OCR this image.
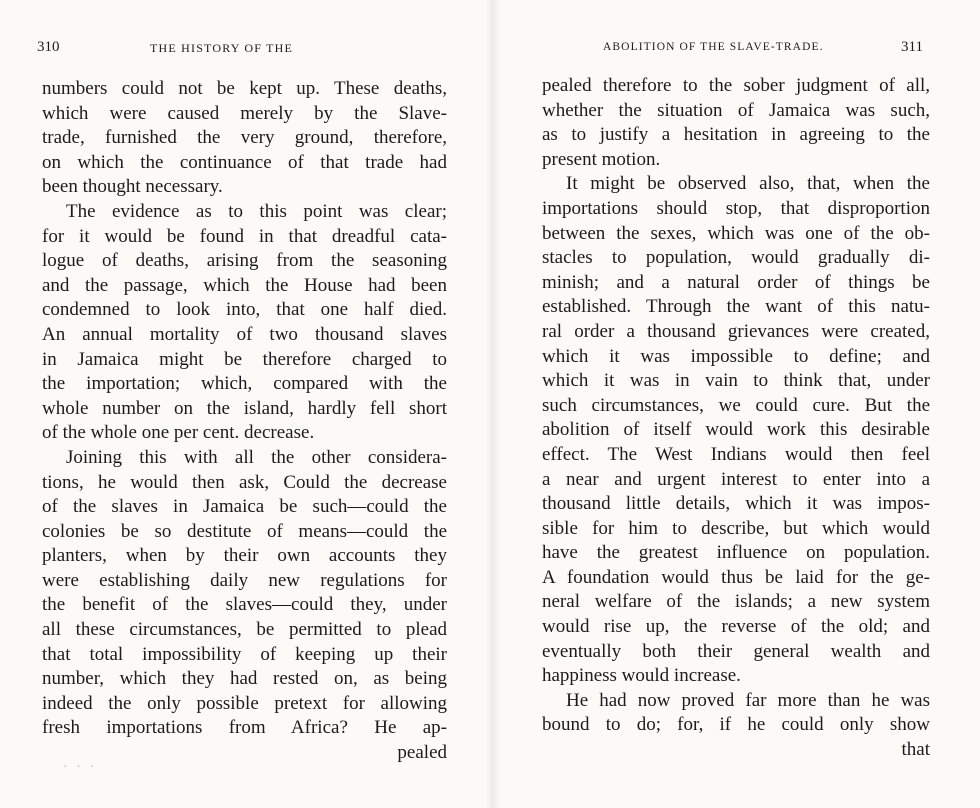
310	THE HISTORY OF THE
numbers could not be kept up. These deaths,
which were caused merely by the Slave-
trade, furnished the very ground, therefore,
on which the continuance of that trade had
been thought necessary.
The evidence as to this point was clear;
for it would be found in that dreadful cata-
logue of deaths, arising from the seasoning
and the passage, which the House had been
condemned to look into, that one half died.
An annual mortality of two thousand slaves
in Jamaica might be therefore charged to
the importation; which, compared with the
whole number on the island, hardly fell short
of the whole one per cent. decrease.
Joining this with all the other considera-
tions, he would then ask, Could the decrease
of the slaves in Jamaica be such—could the
colonies be so destitute of means—could the
planters, when by their own accounts they
were establishing daily new regulations for
the benefit of the slaves—could they, under
all these circumstances, be permitted to plead
that total impossibility of keeping up their
number, which they had rested on, as being
indeed the only possible pretext for allowing
fresh importations from Africa? He ap-
pealed
· · ·
ABOLITION OF THE SLAVE-TRADE.	311
pealed therefore to the sober judgment of all,
whether the situation of Jamaica was such,
as to justify a hesitation in agreeing to the
present motion.
It might be observed also, that, when the
importations should stop, that disproportion
between the sexes, which was one of the ob-
stacles to population, would gradually di-
minish; and a natural order of things be
established. Through the want of this natu-
ral order a thousand grievances were created,
which it was impossible to define; and
which it was in vain to think that, under
such circumstances, we could cure. But the
abolition of itself would work this desirable
effect. The West Indians would then feel
a near and urgent interest to enter into a
thousand little details, which it was impos-
sible for him to describe, but which would
have the greatest influence on population.
A foundation would thus be laid for the ge-
neral welfare of the islands; a new system
would rise up, the reverse of the old; and
eventually both their general wealth and
happiness would increase.
He had now proved far more than he was
bound to do; for, if he could only show
that
